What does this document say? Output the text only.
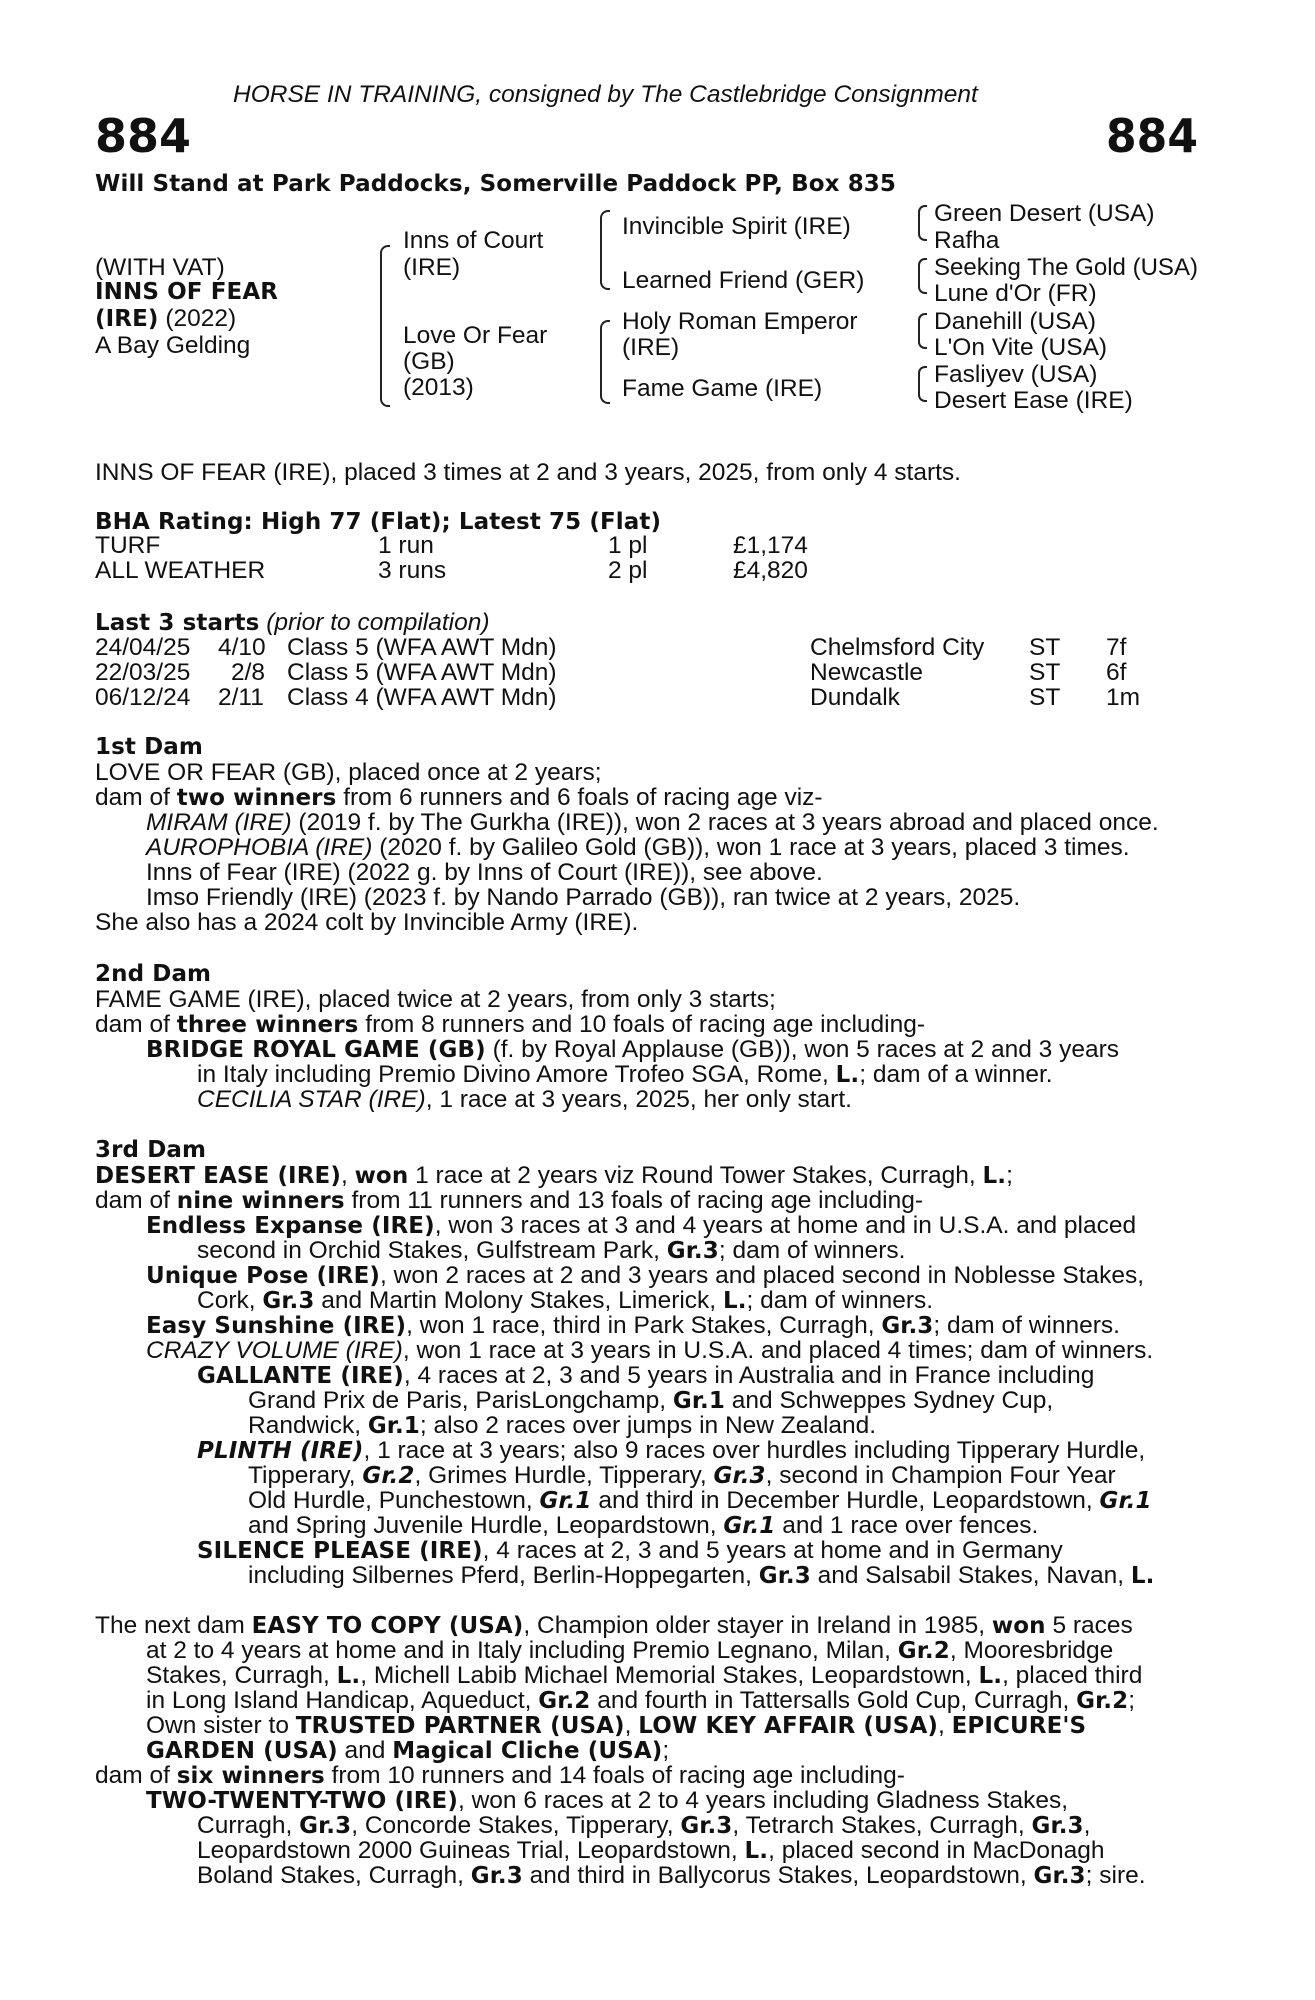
HORSE IN TRAINING, consigned by The Castlebridge Consignment
884	884
Will Stand at Park Paddocks, Somerville Paddock PP, Box 835
(WITH VAT)
INNS OF FEAR
(IRE) (2022)
A Bay Gelding
Inns of Court
(IRE)
Love Or Fear
(GB)
(2013)
Invincible Spirit (IRE)
Learned Friend (GER)
Holy Roman Emperor
(IRE)
Fame Game (IRE)
Green Desert (USA)
Rafha
Seeking The Gold (USA)
Lune d'Or (FR)
Danehill (USA)
L'On Vite (USA)
Fasliyev (USA)
Desert Ease (IRE)
INNS OF FEAR (IRE), placed 3 times at 2 and 3 years, 2025, from only 4 starts.
BHA Rating: High 77 (Flat); Latest 75 (Flat)
TURF	1 run	1 pl	£1,174
ALL WEATHER	3 runs	2 pl	£4,820
Last 3 starts (prior to compilation)
24/04/25 4/10 Class 5 (WFA AWT Mdn)	Chelmsford City ST 7f
22/03/25 2/8 Class 5 (WFA AWT Mdn)	Newcastle	ST 6f
06/12/24 2/11 Class 4 (WFA AWT Mdn)	Dundalk	ST 1m
1st Dam
LOVE OR FEAR (GB), placed once at 2 years;
dam of two winners from 6 runners and 6 foals of racing age viz-
MIRAM (IRE) (2019 f. by The Gurkha (IRE)), won 2 races at 3 years abroad and placed once.
AUROPHOBIA (IRE) (2020 f. by Galileo Gold (GB)), won 1 race at 3 years, placed 3 times.
Inns of Fear (IRE) (2022 g. by Inns of Court (IRE)), see above.
Imso Friendly (IRE) (2023 f. by Nando Parrado (GB)), ran twice at 2 years, 2025.
She also has a 2024 colt by Invincible Army (IRE).
2nd Dam
FAME GAME (IRE), placed twice at 2 years, from only 3 starts;
dam of three winners from 8 runners and 10 foals of racing age including-
BRIDGE ROYAL GAME (GB) (f. by Royal Applause (GB)), won 5 races at 2 and 3 years
in Italy including Premio Divino Amore Trofeo SGA, Rome, L.; dam of a winner.
CECILIA STAR (IRE), 1 race at 3 years, 2025, her only start.
3rd Dam
DESERT EASE (IRE), won 1 race at 2 years viz Round Tower Stakes, Curragh, L.;
dam of nine winners from 11 runners and 13 foals of racing age including-
Endless Expanse (IRE), won 3 races at 3 and 4 years at home and in U.S.A. and placed
second in Orchid Stakes, Gulfstream Park, Gr.3; dam of winners.
Unique Pose (IRE), won 2 races at 2 and 3 years and placed second in Noblesse Stakes,
Cork, Gr.3 and Martin Molony Stakes, Limerick, L.; dam of winners.
Easy Sunshine (IRE), won 1 race, third in Park Stakes, Curragh, Gr.3; dam of winners.
CRAZY VOLUME (IRE), won 1 race at 3 years in U.S.A. and placed 4 times; dam of winners.
GALLANTE (IRE), 4 races at 2, 3 and 5 years in Australia and in France including
Grand Prix de Paris, ParisLongchamp, Gr.1 and Schweppes Sydney Cup,
Randwick, Gr.1; also 2 races over jumps in New Zealand.
PLINTH (IRE), 1 race at 3 years; also 9 races over hurdles including Tipperary Hurdle,
Tipperary, Gr.2, Grimes Hurdle, Tipperary, Gr.3, second in Champion Four Year
Old Hurdle, Punchestown, Gr.1 and third in December Hurdle, Leopardstown, Gr.1
and Spring Juvenile Hurdle, Leopardstown, Gr.1 and 1 race over fences.
SILENCE PLEASE (IRE), 4 races at 2, 3 and 5 years at home and in Germany
including Silbernes Pferd, Berlin-Hoppegarten, Gr.3 and Salsabil Stakes, Navan, L.
The next dam EASY TO COPY (USA), Champion older stayer in Ireland in 1985, won 5 races
at 2 to 4 years at home and in Italy including Premio Legnano, Milan, Gr.2, Mooresbridge
Stakes, Curragh, L., Michell Labib Michael Memorial Stakes, Leopardstown, L., placed third
in Long Island Handicap, Aqueduct, Gr.2 and fourth in Tattersalls Gold Cup, Curragh, Gr.2;
Own sister to TRUSTED PARTNER (USA), LOW KEY AFFAIR (USA), EPICURE'S
GARDEN (USA) and Magical Cliche (USA);
dam of six winners from 10 runners and 14 foals of racing age including-
TWO-TWENTY-TWO (IRE), won 6 races at 2 to 4 years including Gladness Stakes,
Curragh, Gr.3, Concorde Stakes, Tipperary, Gr.3, Tetrarch Stakes, Curragh, Gr.3,
Leopardstown 2000 Guineas Trial, Leopardstown, L., placed second in MacDonagh
Boland Stakes, Curragh, Gr.3 and third in Ballycorus Stakes, Leopardstown, Gr.3; sire.
